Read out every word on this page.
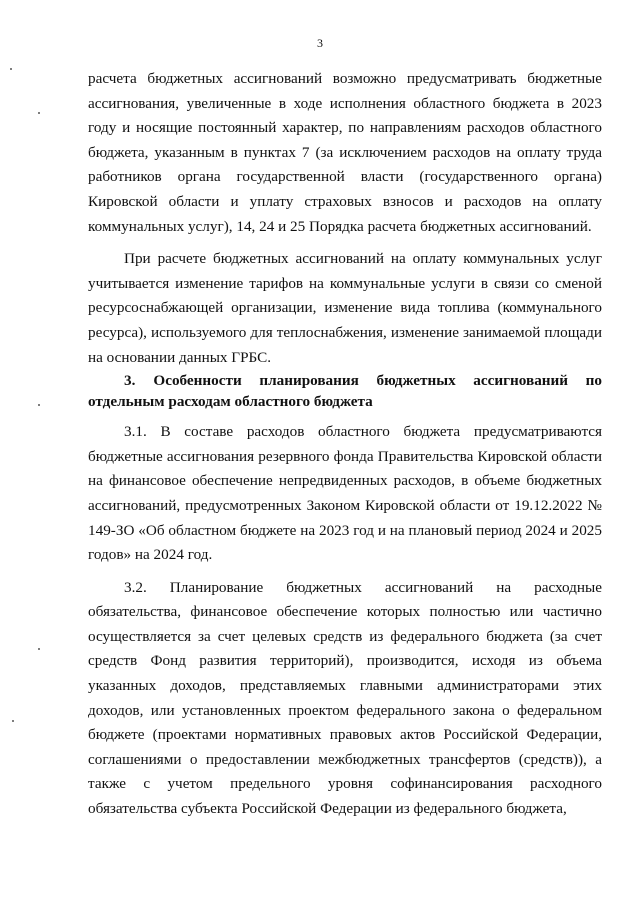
3

расчета бюджетных ассигнований возможно предусматривать бюджетные ассигнования, увеличенные в ходе исполнения областного бюджета в 2023 году и носящие постоянный характер, по направлениям расходов областного бюджета, указанным в пунктах 7 (за исключением расходов на оплату труда работников органа государственной власти (государственного органа) Кировской области и уплату страховых взносов и расходов на оплату коммунальных услуг), 14, 24 и 25 Порядка расчета бюджетных ассигнований.

При расчете бюджетных ассигнований на оплату коммунальных услуг учитывается изменение тарифов на коммунальные услуги в связи со сменой ресурсоснабжающей организации, изменение вида топлива (коммунального ресурса), используемого для теплоснабжения, изменение занимаемой площади на основании данных ГРБС.

3. Особенности планирования бюджетных ассигнований по отдельным расходам областного бюджета

3.1. В составе расходов областного бюджета предусматриваются бюджетные ассигнования резервного фонда Правительства Кировской области на финансовое обеспечение непредвиденных расходов, в объеме бюджетных ассигнований, предусмотренных Законом Кировской области от 19.12.2022 № 149-ЗО «Об областном бюджете на 2023 год и на плановый период 2024 и 2025 годов» на 2024 год.

3.2. Планирование бюджетных ассигнований на расходные обязательства, финансовое обеспечение которых полностью или частично осуществляется за счет целевых средств из федерального бюджета (за счет средств Фонд развития территорий), производится, исходя из объема указанных доходов, представляемых главными администраторами этих доходов, или установленных проектом федерального закона о федеральном бюджете (проектами нормативных правовых актов Российской Федерации, соглашениями о предоставлении межбюджетных трансфертов (средств)), а также с учетом предельного уровня софинансирования расходного обязательства субъекта Российской Федерации из федерального бюджета,
